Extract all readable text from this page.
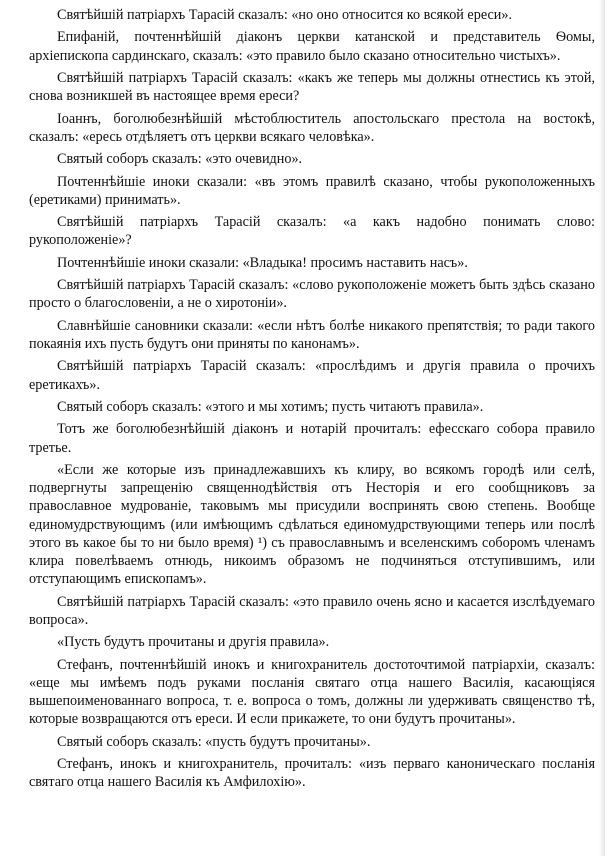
Святѣйшій патріархъ Тарасій сказалъ: «но оно относится ко всякой ереси».

Епифаній, почтеннѣйшій діаконъ церкви катанской и представитель Ѳомы, архіепископа сардинскаго, сказалъ: «это правило было сказано относительно чистыхъ».

Святѣйшій патріархъ Тарасій сказалъ: «какъ же теперь мы должны отнестись къ этой, снова возникшей въ настоящее время ереси?

Іоаннъ, боголюбезнѣйшій мѣстоблюститель апостольскаго престола на востокѣ, сказалъ: «ересь отдѣляетъ отъ церкви всякаго человѣка».

Святый соборъ сказалъ: «это очевидно».

Почтеннѣйшіе иноки сказали: «въ этомъ правилѣ сказано, чтобы рукоположенныхъ (еретиками) принимать».

Святѣйшій патріархъ Тарасій сказалъ: «а какъ надобно понимать слово: рукоположеніе»?

Почтеннѣйшіе иноки сказали: «Владыка! просимъ наставить насъ».

Святѣйшій патріархъ Тарасій сказалъ: «слово рукоположеніе можетъ быть здѣсь сказано просто о благословеніи, а не о хиротоніи».

Славнѣйшіе сановники сказали: «если нѣтъ болѣе никакого препятствія; то ради такого покаянія ихъ пусть будутъ они приняты по канонамъ».

Святѣйшій патріархъ Тарасій сказалъ: «прослѣдимъ и другія правила о прочихъ еретикахъ».

Святый соборъ сказалъ: «этого и мы хотимъ; пусть читаютъ правила».

Тотъ же боголюбезнѣйшій діаконъ и нотарій прочиталъ: ефесскаго собора правило третье.

«Если же которые изъ принадлежавшихъ къ клиру, во всякомъ городѣ или селѣ, подвергнуты запрещенію священнодѣйствія отъ Несторія и его сообщниковъ за православное мудрованіе, таковымъ мы присудили воспринять свою степень. Вообще единомудрствующимъ (или имѣющимъ сдѣлаться единомудрствующими теперь или послѣ этого въ какое бы то ни было время) ¹) съ православнымъ и вселенскимъ соборомъ членамъ клира повелѣваемъ отнюдь, никоимъ образомъ не подчиняться отступившимъ, или отступающимъ епископамъ».

Святѣйшій патріархъ Тарасій сказалъ: «это правило очень ясно и касается изслѣдуемаго вопроса».

«Пусть будутъ прочитаны и другія правила».

Стефанъ, почтеннѣйшій инокъ и книгохранитель достоточтимой патріархіи, сказалъ: «еще мы имѣемъ подъ руками посланія святаго отца нашего Василія, касающіяся вышепоименованнаго вопроса, т. е. вопроса о томъ, должны ли удерживать священство тѣ, которые возвращаются отъ ереси. И если прикажете, то они будутъ прочитаны».

Святый соборъ сказалъ: «пусть будутъ прочитаны».

Стефанъ, инокъ и книгохранитель, прочиталъ: «изъ перваго каноническаго посланія святаго отца нашего Василія къ Амфилохію».
